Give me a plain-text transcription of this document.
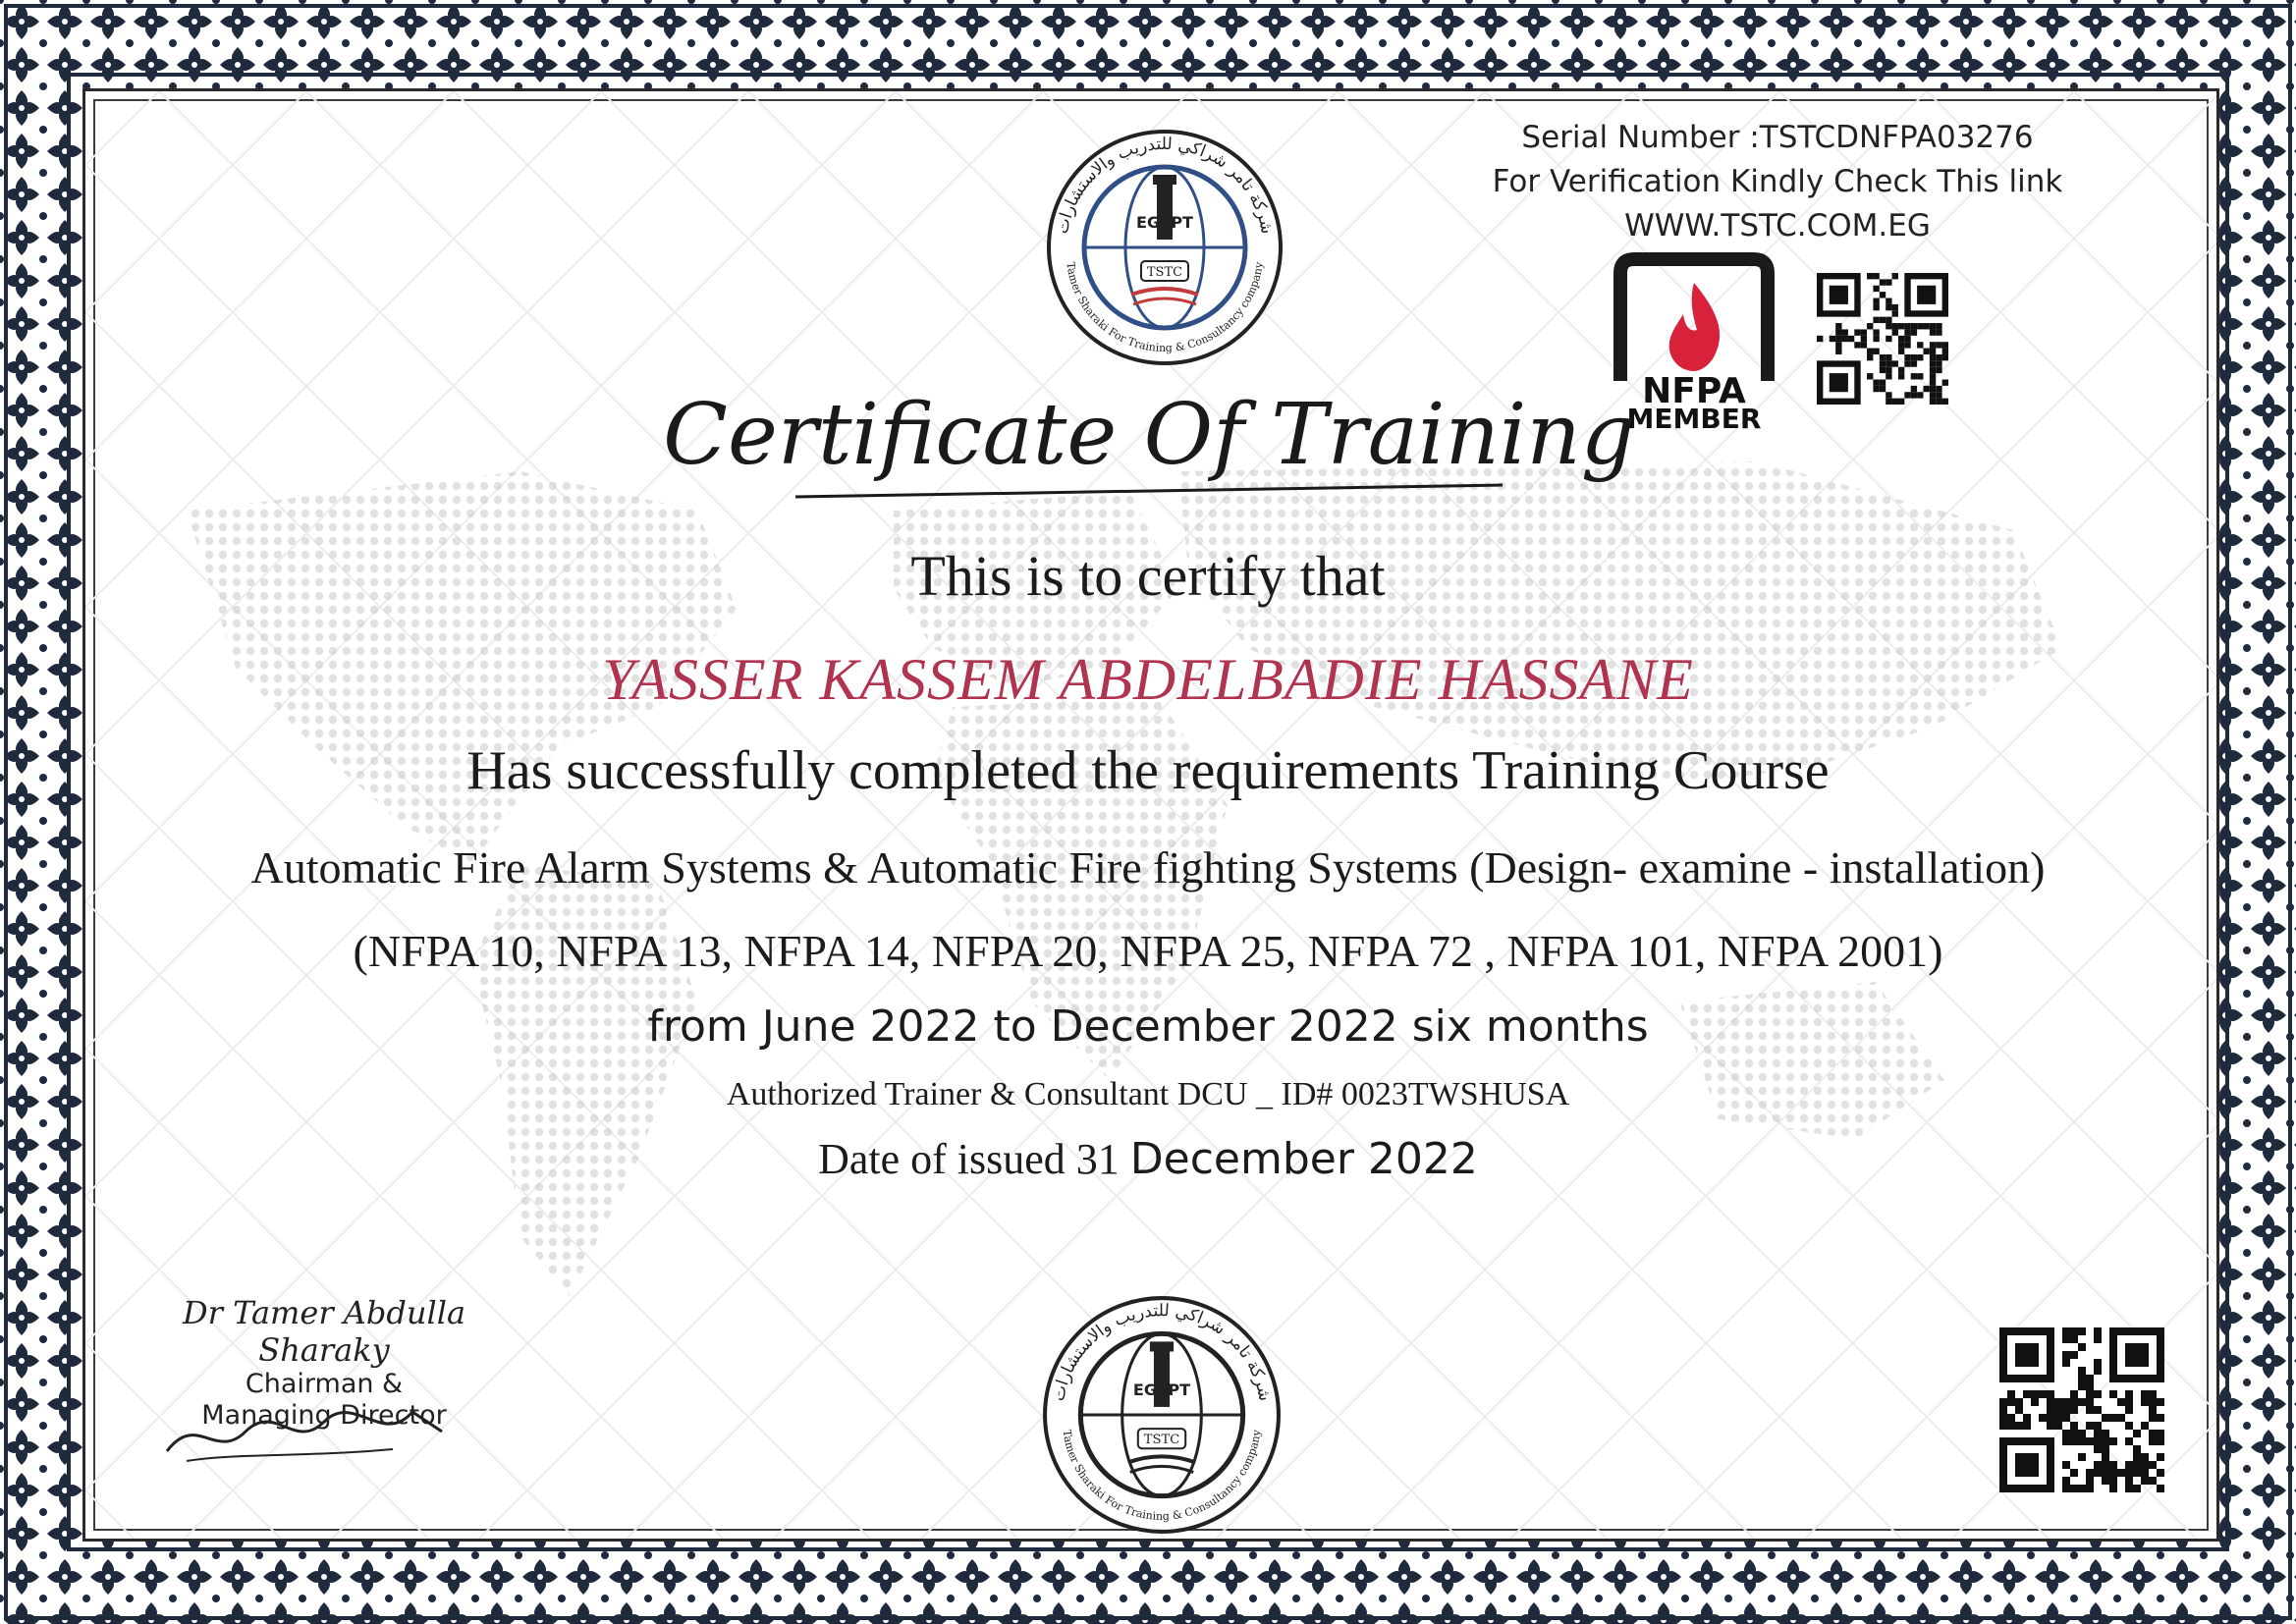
EGYPT
TSTC
شركة تامر شراكي للتدريب والاستشارات
Tamer Sharaki For Training & Consultancy company
Serial Number :TSTCDNFPA03276
For Verification Kindly Check This link
WWW.TSTC.COM.EG
NFPA
MEMBER
Certificate Of Training
This is to certify that
YASSER KASSEM ABDELBADIE HASSANE
Has successfully completed the requirements Training Course
Automatic Fire Alarm Systems & Automatic Fire fighting Systems (Design- examine - installation)
(NFPA 10, NFPA 13, NFPA 14, NFPA 20, NFPA 25, NFPA 72 , NFPA 101, NFPA 2001)
from June 2022 to December 2022 six months
Authorized Trainer & Consultant DCU _ ID# 0023TWSHUSA
Date of issued 31 December 2022
Dr Tamer Abdulla Sharaky
Chairman &
Managing Director
EGYPT
TSTC
شركة تامر شراكي للتدريب والاستشارات
Tamer Sharaki For Training & Consultancy company
